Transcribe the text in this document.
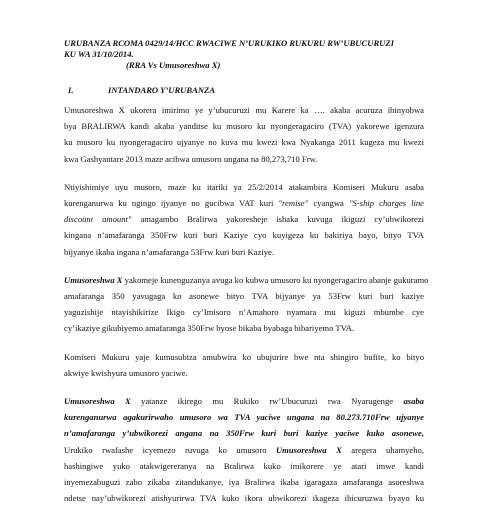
URUBANZA RCOMA 0429/14/HCC RWACIWE N’URUKIKO RUKURU RW’UBUCURUZI
KU WA 31/10/2014.
(RRA Vs Umusoreshwa X)
I.	INTANDARO Y’URUBANZA
Umusoreshwa X ukorera imirimo ye y’ubucuruzi mu Karere ka …. akaba acuruza ibinyobwa
bya BRALIRWA kandi akaba yanditse ku musoro ku nyongeragaciro (TVA) yakorewe igenzura
ku musoro ku nyongeragaciro ujyanye no kuva mu kwezi kwa Nyakanga 2011 kugeza mu kwezi
kwa Gashyantare 2013 maze acibwa umusoro ungana na 80,273,710 Frw.
Ntiyishimiye uyu musoro, maze ku itariki ya 25/2/2014 atakambira Komiseri Mukuru asaba
kurenganurwa ku ngingo ijyanye no gucibwa VAT kuri "remise" cyangwa "S-ship charges line
discount amount" amagambo Bralirwa yakoresheje ishaka kuvuga ikiguzi cy’ubwikorezi
kingana n’amafaranga 350Frw kuri buri Kaziye cyo kuyigeza ku bakiriya bayo, bityo TVA
bijyanye ikaba ingana n’amafaranga 53Frw kuri buri Kaziye.
Umusoreshwa X yakomeje kunenguzanya avuga ko kubwa umusoro ku nyongeragaciro abanje gukuramo
amafaranga 350 yavugaga ko asonewe bityo TVA bijyanye ya 53Frw kuri buri kaziye
yaguzishije ntayishikirize Ikigo cy’Imisoro n’Amahoro nyamara mu kiguzi mbumbe cye
cy’ikaziye gikubiyemo amafaranga 350Frw byose bikaba byabaga bibariyemo TVA.
Komiseri Mukuru yaje kumusubiza amubwira ko ubujurire bwe nta shingiro bufite, ko bityo
akwiye kwishyura umusoro yaciwe.
Umusoreshwa X yatanze ikirego mu Rukiko rw’Ubucuruzi rwa Nyarugenge asaba
kurenganurwa agakurirwaho umusoro wa TVA yaciwe ungana na 80.273.710Frw ujyanye
n’amafaranga y’ubwikorezi angana na 350Frw kuri buri kaziye yaciwe kuko asonewe,
Urukiko rwafashe icyemezo ruvuga ko umusoro Umusoreshwa X aregera uhamyeho,
hashingiwe yuko atakwigereranya na Bralirwa kuko imikorere ye atari imwe kandi
inyemezabuguzi zabo zikaba zitandukanye, iya Bralirwa ikaba igaragaza amafaranga asoreshwa
ndetse nay’ubwikorezi atishyurirwa TVA kuko ikora ubwikorezi ikageza ibicuruzwa byayo ku
